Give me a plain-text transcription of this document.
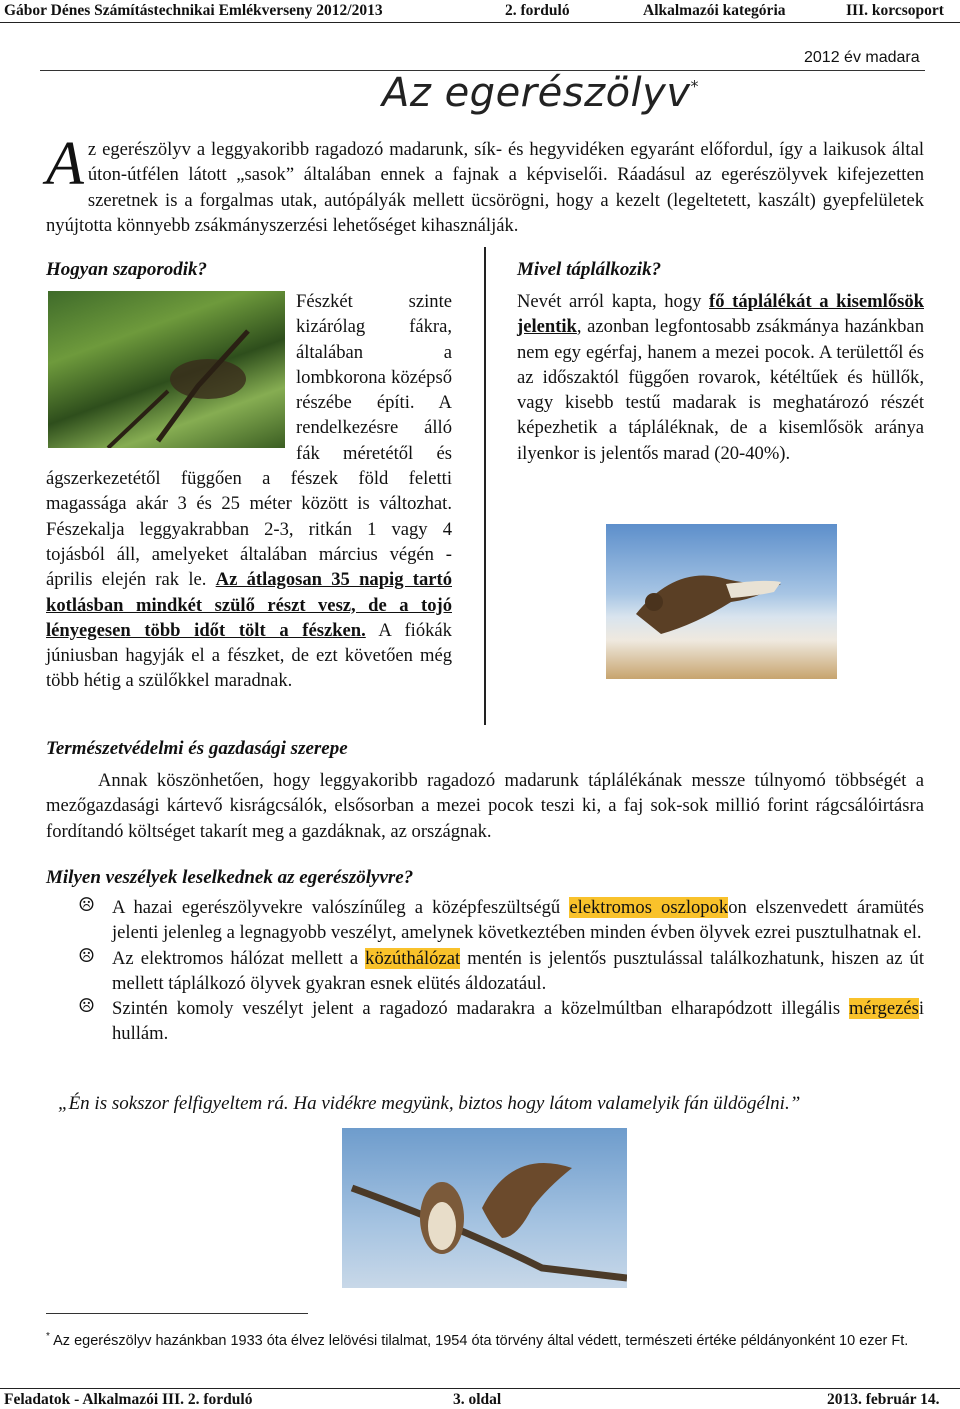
Gábor Dénes Számítástechnikai Emlékverseny 2012/2013	2. forduló	Alkalmazói kategória	III. korcsoport
2012 év madara
Az egerészölyv*
Az egerészölyv a leggyakoribb ragadozó madarunk, sík- és hegyvidéken egyaránt előfordul, így a laikusok által úton-útfélen látott „sasok” általában ennek a fajnak a képviselői. Ráadásul az egerészölyvek kifejezetten szeretnek is a forgalmas utak, autópályák mellett ücsörögni, hogy a kezelt (legeltetett, kaszált) gyepfelületek nyújtotta könnyebb zsákmányszerzési lehetőséget kihasználják.
Hogyan szaporodik?
Fészkét szinte kizárólag fákra, általában a lombkorona középső részébe építi. A rendelkezésre álló fák méretétől és ágszerkezetétől függően a fészek föld feletti magassága akár 3 és 25 méter között is változhat. Fészekalja leggyakrabban 2-3, ritkán 1 vagy 4 tojásból áll, amelyeket általában március végén - április elején rak le. Az átlagosan 35 napig tartó kotlásban mindkét szülő részt vesz, de a tojó lényegesen több időt tölt a fészken. A fiókák júniusban hagyják el a fészket, de ezt követően még több hétig a szülőkkel maradnak.
Mivel táplálkozik?
Nevét arról kapta, hogy fő táplálékát a kisemlősök jelentik, azonban legfontosabb zsákmánya hazánkban nem egy egérfaj, hanem a mezei pocok. A területtől és az időszaktól függően rovarok, kétéltűek és hüllők, vagy kisebb testű madarak is meghatározó részét képezhetik a tápláléknak, de a kisemlősök aránya ilyenkor is jelentős marad (20-40%).
Természetvédelmi és gazdasági szerepe
Annak köszönhetően, hogy leggyakoribb ragadozó madarunk táplálékának messze túlnyomó többségét a mezőgazdasági kártevő kisrágcsálók, elsősorban a mezei pocok teszi ki, a faj sok-sok millió forint rágcsálóirtásra fordítandó költséget takarít meg a gazdáknak, az országnak.
Milyen veszélyek leselkednek az egerészölyvre?
☹ A hazai egerészölyvekre valószínűleg a középfeszültségű elektromos oszlopokon elszenvedett áramütés jelenti jelenleg a legnagyobb veszélyt, amelynek következtében minden évben ölyvek ezrei pusztulhatnak el.
☹ Az elektromos hálózat mellett a közúthálózat mentén is jelentős pusztulással találkozhatunk, hiszen az út mellett táplálkozó ölyvek gyakran esnek elütés áldozatául.
☹ Szintén komoly veszélyt jelent a ragadozó madarakra a közelmúltban elharapódzott illegális mérgezési hullám.
„Én is sokszor felfigyeltem rá. Ha vidékre megyünk, biztos hogy látom valamelyik fán üldögélni.”
* Az egerészölyv hazánkban 1933 óta élvez lelövési tilalmat, 1954 óta törvény által védett, természeti értéke példányonként 10 ezer Ft.
Feladatok - Alkalmazói III. 2. forduló	3. oldal	2013. február 14.
